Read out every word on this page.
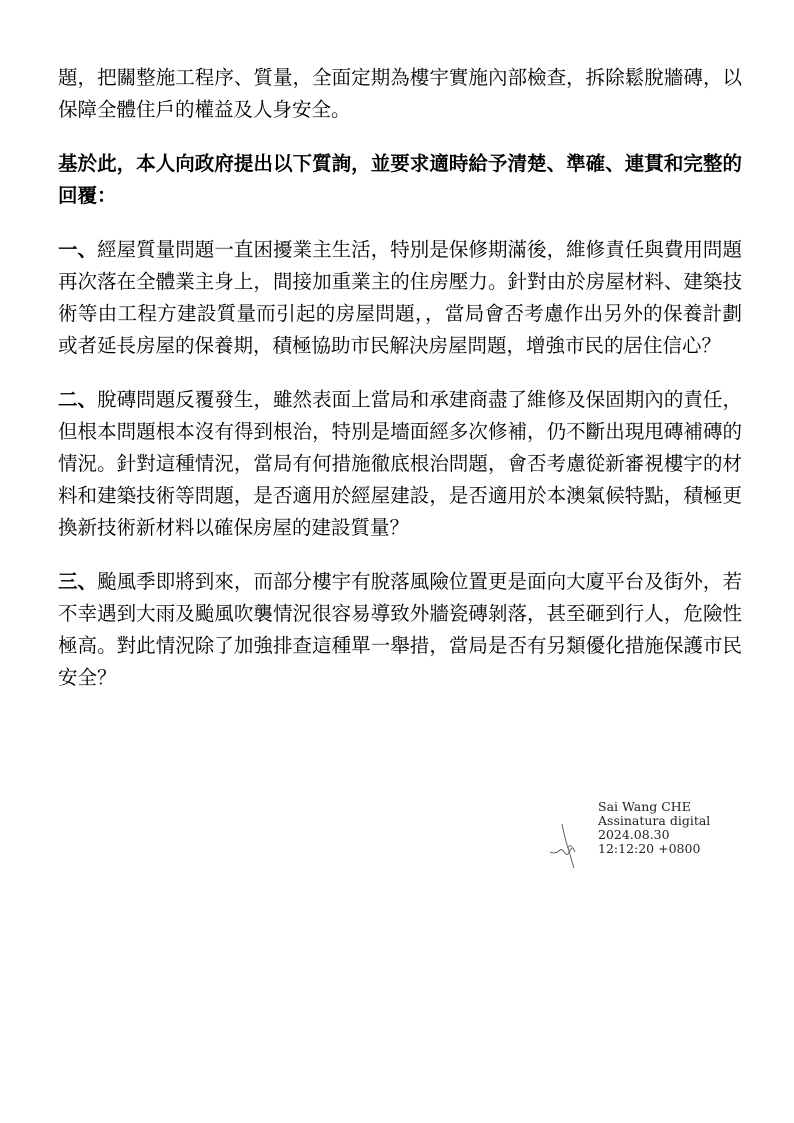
題，把關整施工程序、質量，全面定期為樓宇實施內部檢查，拆除鬆脫牆磚，以保障全體住戶的權益及人身安全。

基於此，本人向政府提出以下質詢，並要求適時給予清楚、準確、連貫和完整的回覆：

一、經屋質量問題一直困擾業主生活，特別是保修期滿後，維修責任與費用問題再次落在全體業主身上，間接加重業主的住房壓力。針對由於房屋材料、建築技術等由工程方建設質量而引起的房屋問題，，當局會否考慮作出另外的保養計劃或者延長房屋的保養期，積極協助市民解決房屋問題，增強市民的居住信心？

二、脫磚問題反覆發生，雖然表面上當局和承建商盡了維修及保固期內的責任，但根本問題根本沒有得到根治，特別是墻面經多次修補，仍不斷出現甩磚補磚的情況。針對這種情況，當局有何措施徹底根治問題，會否考慮從新審視樓宇的材料和建築技術等問題，是否適用於經屋建設，是否適用於本澳氣候特點，積極更換新技術新材料以確保房屋的建設質量？

三、颱風季即將到來，而部分樓宇有脫落風險位置更是面向大廈平台及街外，若不幸遇到大雨及颱風吹襲情況很容易導致外牆瓷磚剝落，甚至砸到行人，危險性極高。對此情況除了加強排查這種單一舉措，當局是否有另類優化措施保護市民安全？

Sai Wang CHE
Assinatura digital
2024.08.30
12:12:20 +0800
